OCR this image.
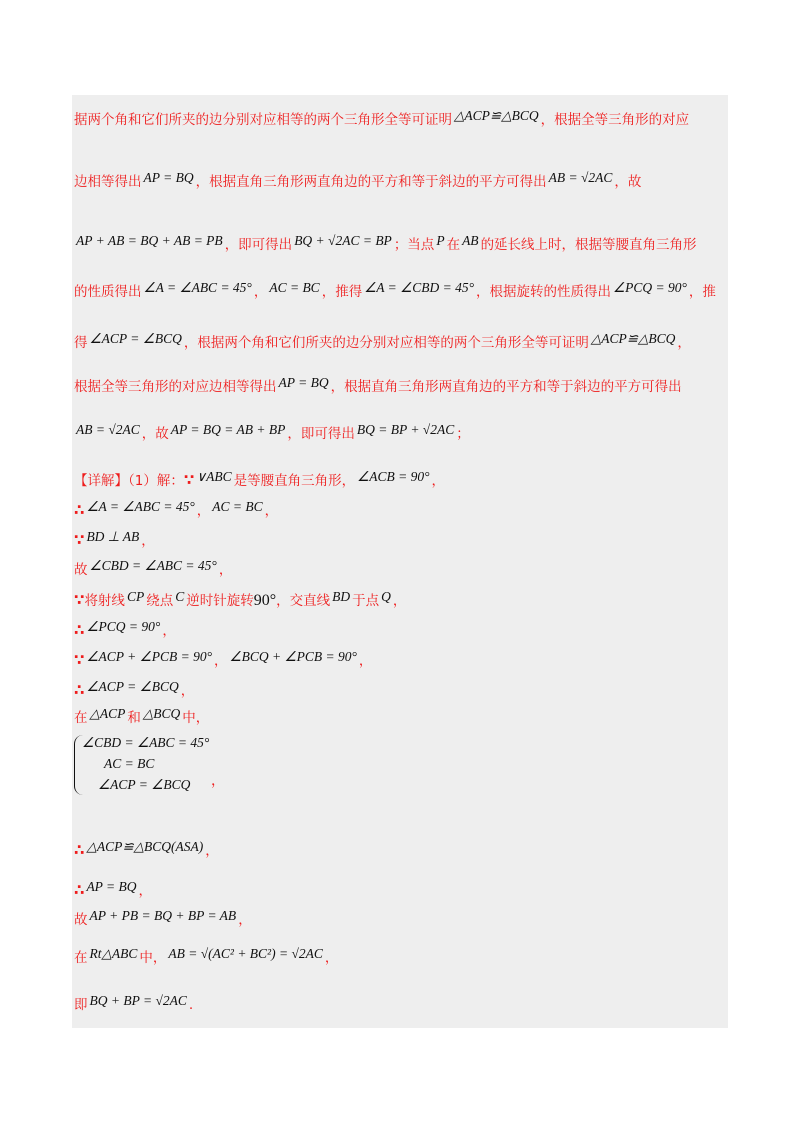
据两个角和它们所夹的边分别对应相等的两个三角形全等可证明 △ACP≌△BCQ ，根据全等三角形的对应
边相等得出 AP = BQ ，根据直角三角形两直角边的平方和等于斜边的平方可得出 AB = √2AC ，故
AP + AB = BQ + AB = PB ，即可得出 BQ + √2AC = BP ；当点 P 在 AB 的延长线上时，根据等腰直角三角形
的性质得出 ∠A = ∠ABC = 45° ， AC = BC ，推得 ∠A = ∠CBD = 45° ，根据旋转的性质得出 ∠PCQ = 90° ，推
得 ∠ACP = ∠BCQ ，根据两个角和它们所夹的边分别对应相等的两个三角形全等可证明 △ACP≌△BCQ ，
根据全等三角形的对应边相等得出 AP = BQ ，根据直角三角形两直角边的平方和等于斜边的平方可得出
AB = √2AC ，故 AP = BQ = AB + BP ，即可得出 BQ = BP + √2AC ；
【详解】（1）解：∵ ∨ABC 是等腰直角三角形， ∠ACB = 90° ，
∴ ∠A = ∠ABC = 45° ， AC = BC ，
∵ BD ⊥ AB ，
故 ∠CBD = ∠ABC = 45° ，
∵将射线 CP 绕点 C 逆时针旋转90°，交直线 BD 于点 Q ，
∴ ∠PCQ = 90° ，
∵ ∠ACP + ∠PCB = 90° ， ∠BCQ + ∠PCB = 90° ，
∴ ∠ACP = ∠BCQ ，
在 △ACP 和 △BCQ 中，
∴ △ACP≌△BCQ(ASA) ，
∴ AP = BQ ，
故 AP + PB = BQ + BP = AB ，
在 Rt△ABC 中， AB = √(AC² + BC²) = √2AC ，
即 BQ + BP = √2AC .
∠CBD = ∠ABC = 45°
AC = BC
∠ACP = ∠BCQ ，
